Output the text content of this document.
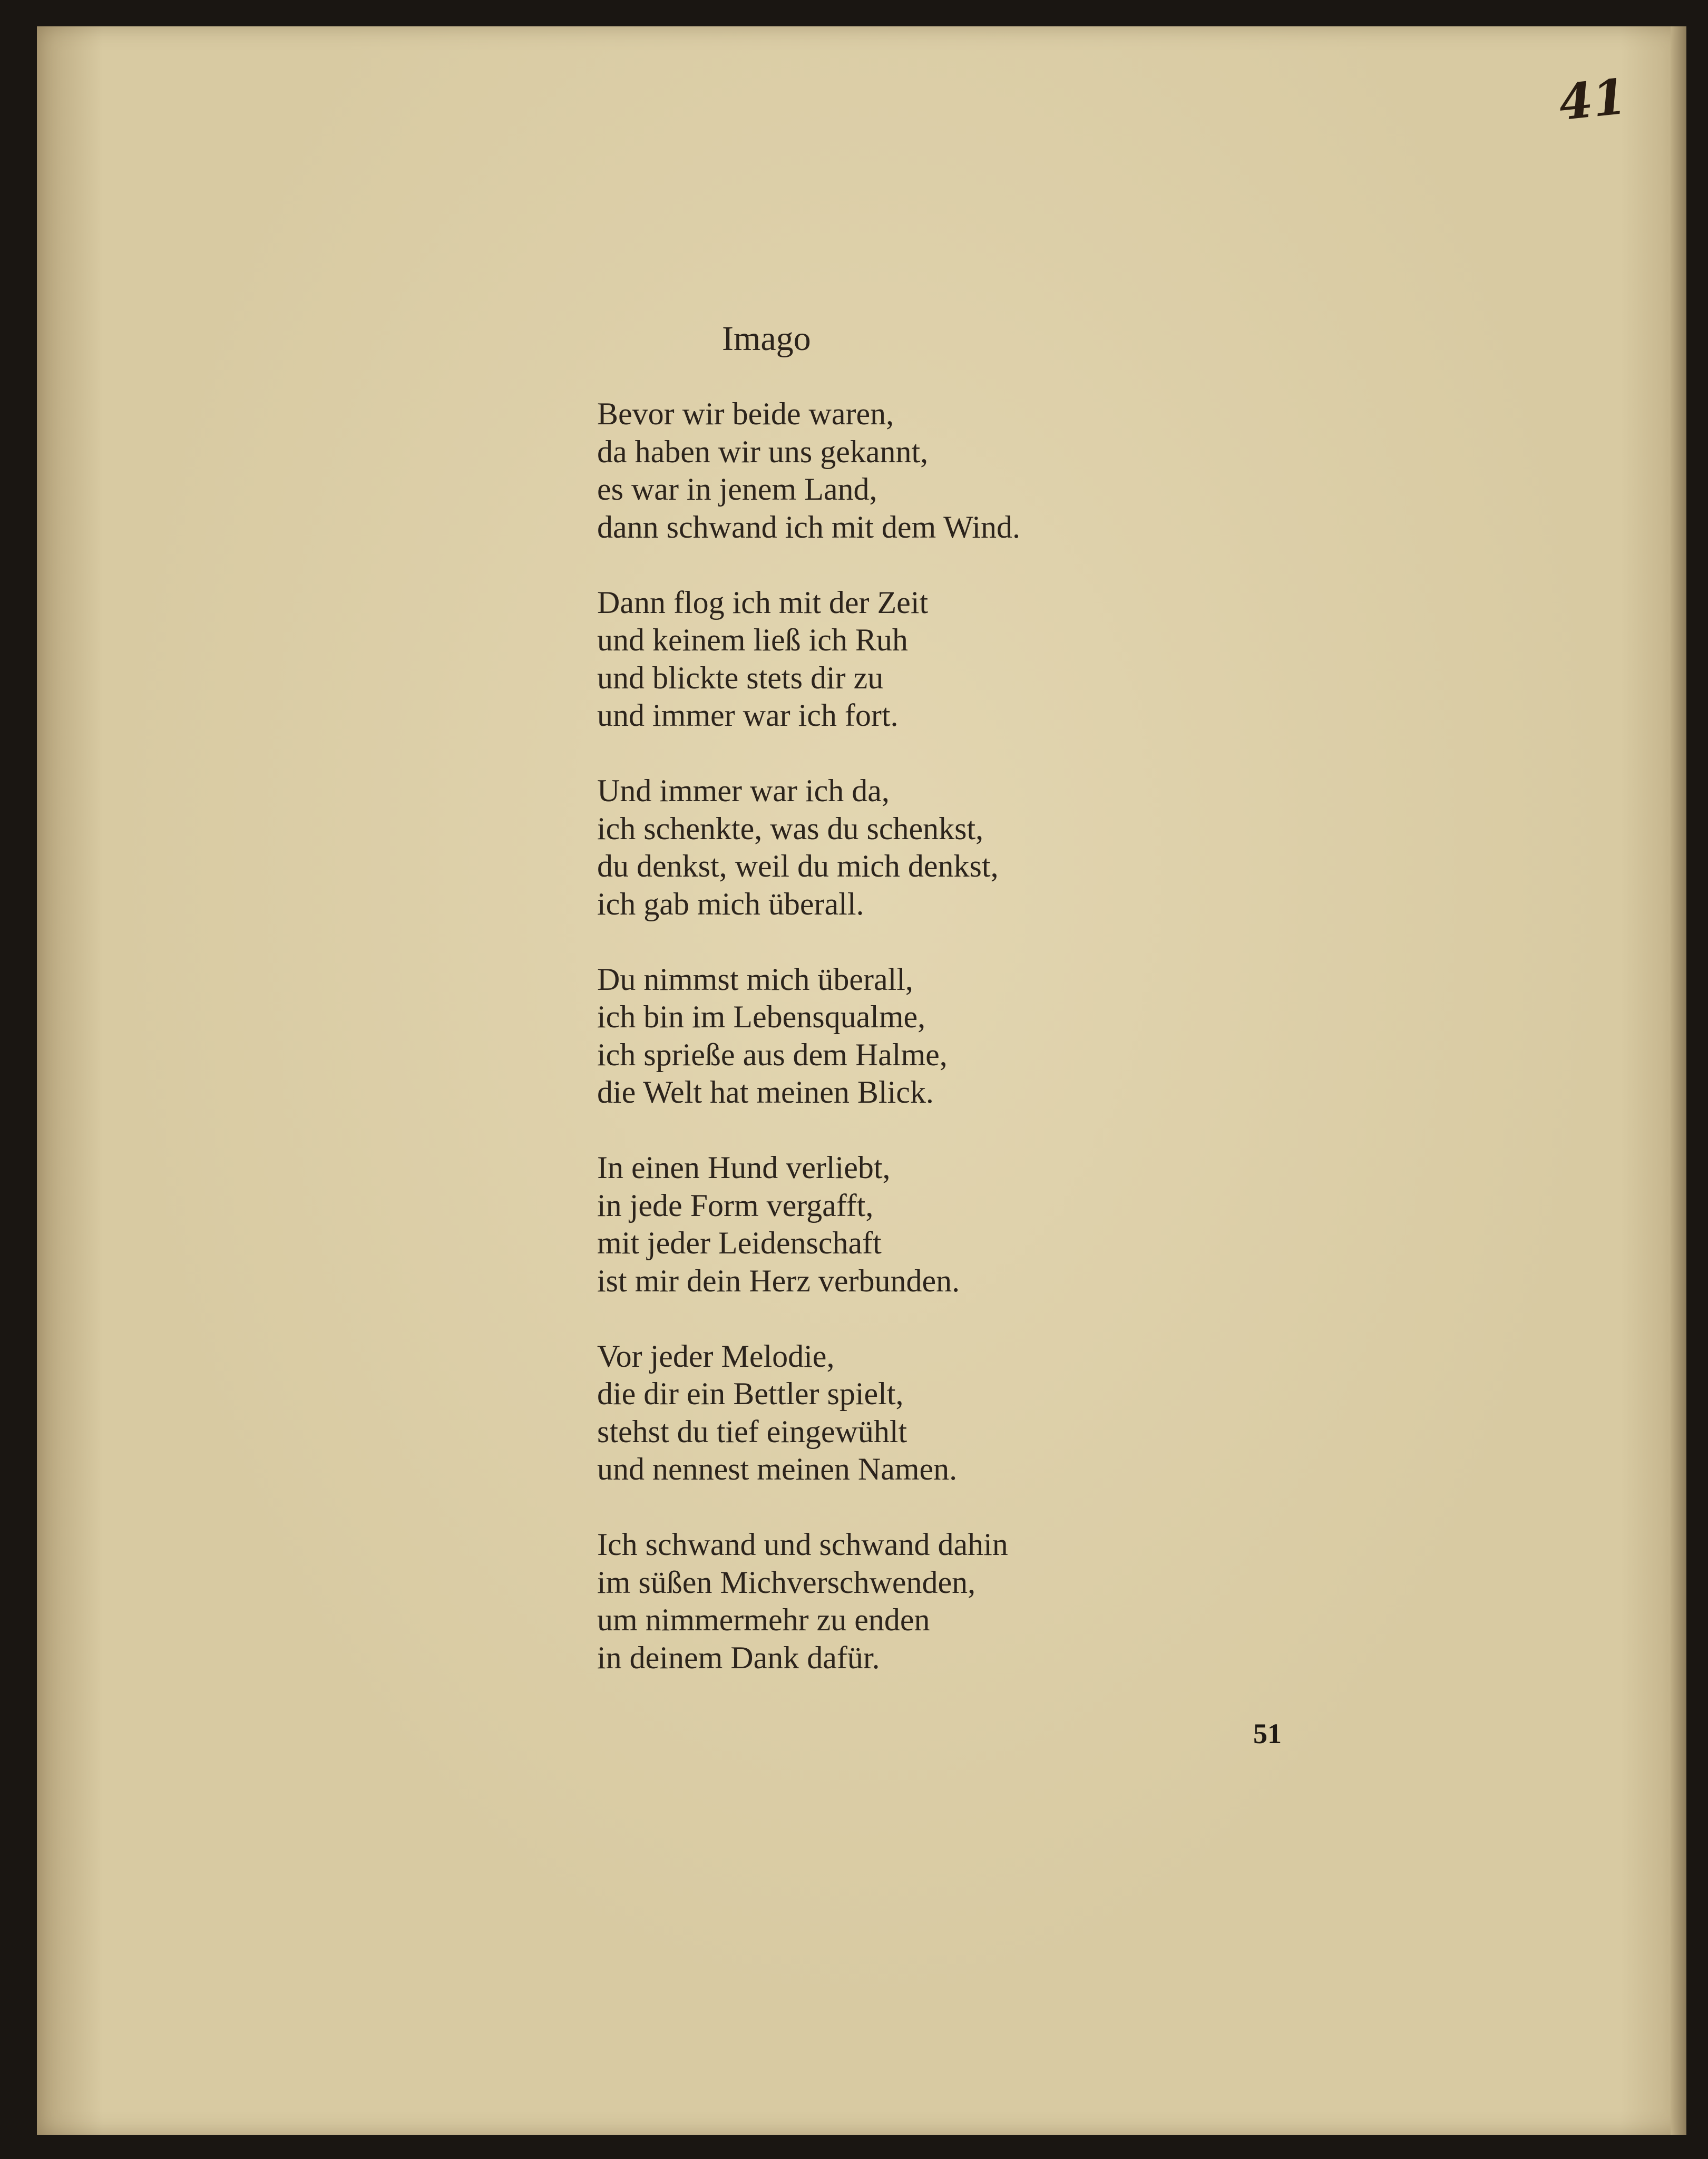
41
Imago
Bevor wir beide waren,
da haben wir uns gekannt,
es war in jenem Land,
dann schwand ich mit dem Wind.
Dann flog ich mit der Zeit
und keinem ließ ich Ruh
und blickte stets dir zu
und immer war ich fort.
Und immer war ich da,
ich schenkte, was du schenkst,
du denkst, weil du mich denkst,
ich gab mich überall.
Du nimmst mich überall,
ich bin im Lebensqualme,
ich sprieße aus dem Halme,
die Welt hat meinen Blick.
In einen Hund verliebt,
in jede Form vergafft,
mit jeder Leidenschaft
ist mir dein Herz verbunden.
Vor jeder Melodie,
die dir ein Bettler spielt,
stehst du tief eingewühlt
und nennest meinen Namen.
Ich schwand und schwand dahin
im süßen Michverschwenden,
um nimmermehr zu enden
in deinem Dank dafür.
51
